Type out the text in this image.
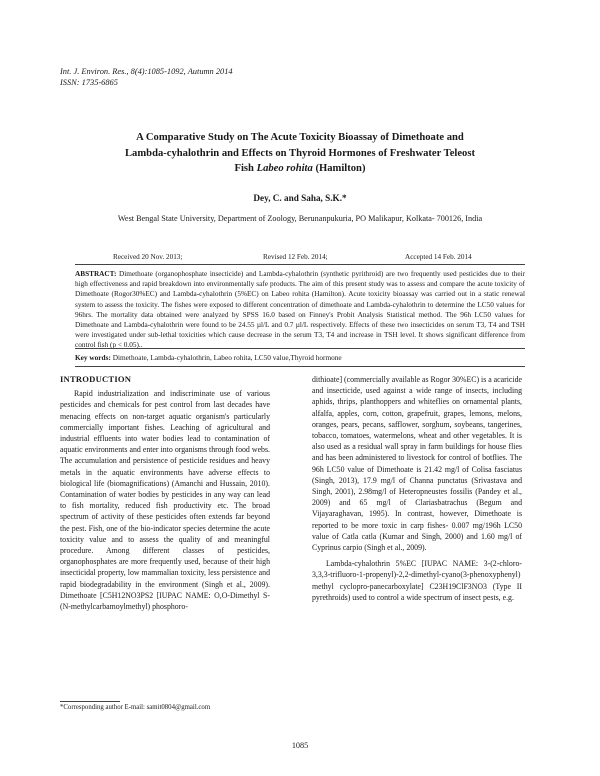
Int. J. Environ. Res., 8(4):1085-1092, Autumn 2014
ISSN: 1735-6865
A Comparative Study on The Acute Toxicity Bioassay of Dimethoate and
Lambda-cyhalothrin and Effects on Thyroid Hormones of Freshwater Teleost
Fish Labeo rohita (Hamilton)
Dey, C. and Saha, S.K.*
West Bengal State University, Department of Zoology, Berunanpukuria, PO Malikapur, Kolkata- 700126, India
Received 20 Nov. 2013;	Revised 12 Feb. 2014;	Accepted 14 Feb. 2014

ABSTRACT: Dimethoate (organophosphate insecticide) and Lambda-cyhalothrin (synthetic pyrithroid) are two frequently used pesticides due to their high effectiveness and rapid breakdown into environmentally safe products. The aim of this present study was to assess and compare the acute toxicity of Dimethoate (Rogor30%EC) and Lambda-cyhalothrin (5%EC) on Labeo rohita (Hamilton). Acute toxicity bioassay was carried out in a static renewal system to assess the toxicity. The fishes were exposed to different concentration of dimethoate and Lambda-cyhalothrin to determine the LC50 values for 96hrs. The mortality data obtained were analyzed by SPSS 16.0 based on Finney's Probit Analysis Statistical method. The 96h LC50 values for Dimethoate and Lambda-cyhalothrin were found to be 24.55 µl/L and 0.7 µl/L respectively. Effects of these two insecticides on serum T3, T4 and TSH were investigated under sub-lethal toxicities which cause decrease in the serum T3, T4 and increase in TSH level. It shows significant difference from control fish (p < 0.05)..

Key words: Dimethoate, Lambda-cyhalothrin, Labeo rohita, LC50 value,Thyroid hormone

INTRODUCTION

Rapid industrialization and indiscriminate use of various pesticides and chemicals for pest control from last decades have menacing effects on non-target aquatic organism's particularly commercially important fishes. Leaching of agricultural and industrial effluents into water bodies lead to contamination of aquatic environments and enter into organisms through food webs. The accumulation and persistence of pesticide residues and heavy metals in the aquatic environments have adverse effects to biological life (biomagnifications) (Amanchi and Hussain, 2010). Contamination of water bodies by pesticides in any way can lead to fish mortality, reduced fish productivity etc. The broad spectrum of activity of these pesticides often extends far beyond the pest. Fish, one of the bio-indicator species determine the acute toxicity value and to assess the quality of and meaningful procedure. Among different classes of pesticides, organophosphates are more frequently used, because of their high insecticidal property, low mammalian toxicity, less persistence and rapid biodegradability in the environment (Singh et al., 2009). Dimethoate [C5H12NO3PS2 [IUPAC NAME: O,O-Dimethyl S-(N-methylcarbamoylmethyl) phosphoro-

dithioate] (commercially available as Rogor 30%EC) is a acaricide and insecticide, used against a wide range of insects, including aphids, thrips, planthoppers and whiteflies on ornamental plants, alfalfa, apples, corn, cotton, grapefruit, grapes, lemons, melons, oranges, pears, pecans, safflower, sorghum, soybeans, tangerines, tobacco, tomatoes, watermelons, wheat and other vegetables. It is also used as a residual wall spray in farm buildings for house flies and has been administered to livestock for control of botflies. The 96h LC50 value of Dimethoate is 21.42 mg/l of Colisa fasciatus (Singh, 2013), 17.9 mg/l of Channa punctatus (Srivastava and Singh, 2001), 2.98mg/l of Heteropneustes fossilis (Pandey et al., 2009) and 65 mg/l of Clariasbatrachus (Begum and Vijayaraghavan, 1995). In contrast, however, Dimethoate is reported to be more toxic in carp fishes- 0.007 mg/196h LC50 value of Catla catla (Kumar and Singh, 2000) and 1.60 mg/l of Cyprinus carpio (Singh et al., 2009).

Lambda-cyhalothrin 5%EC [IUPAC NAME: 3-(2-chloro-3,3,3-trifluoro-1-propenyl)-2,2-dimethyl-cyano(3-phenoxyphenyl) methyl cyclopro-panecarboxylate] C23H19ClF3NO3 (Type II pyrethroids) used to control a wide spectrum of insect pests, e.g.

*Corresponding author E-mail: samit0804@gmail.com
1085
